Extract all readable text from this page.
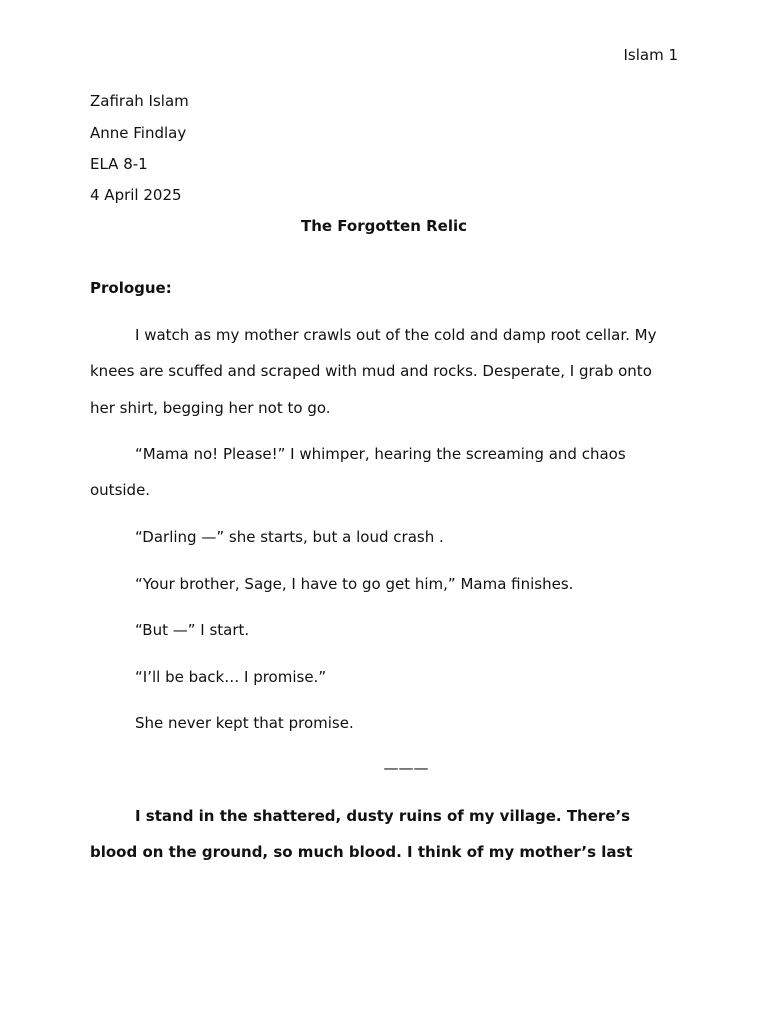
Islam 1
Zafirah Islam
Anne Findlay
ELA 8-1
4 April 2025
The Forgotten Relic
Prologue:
I watch as my mother crawls out of the cold and damp root cellar. My knees are scuffed and scraped with mud and rocks. Desperate, I grab onto her shirt, begging her not to go.
“Mama no! Please!” I whimper, hearing the screaming and chaos outside.
“Darling —” she starts, but a loud crash .
“Your brother, Sage, I have to go get him,” Mama finishes.
“But —” I start.
“I’ll be back… I promise.”
She never kept that promise.
———
I stand in the shattered, dusty ruins of my village. There’s blood on the ground, so much blood. I think of my mother’s last
